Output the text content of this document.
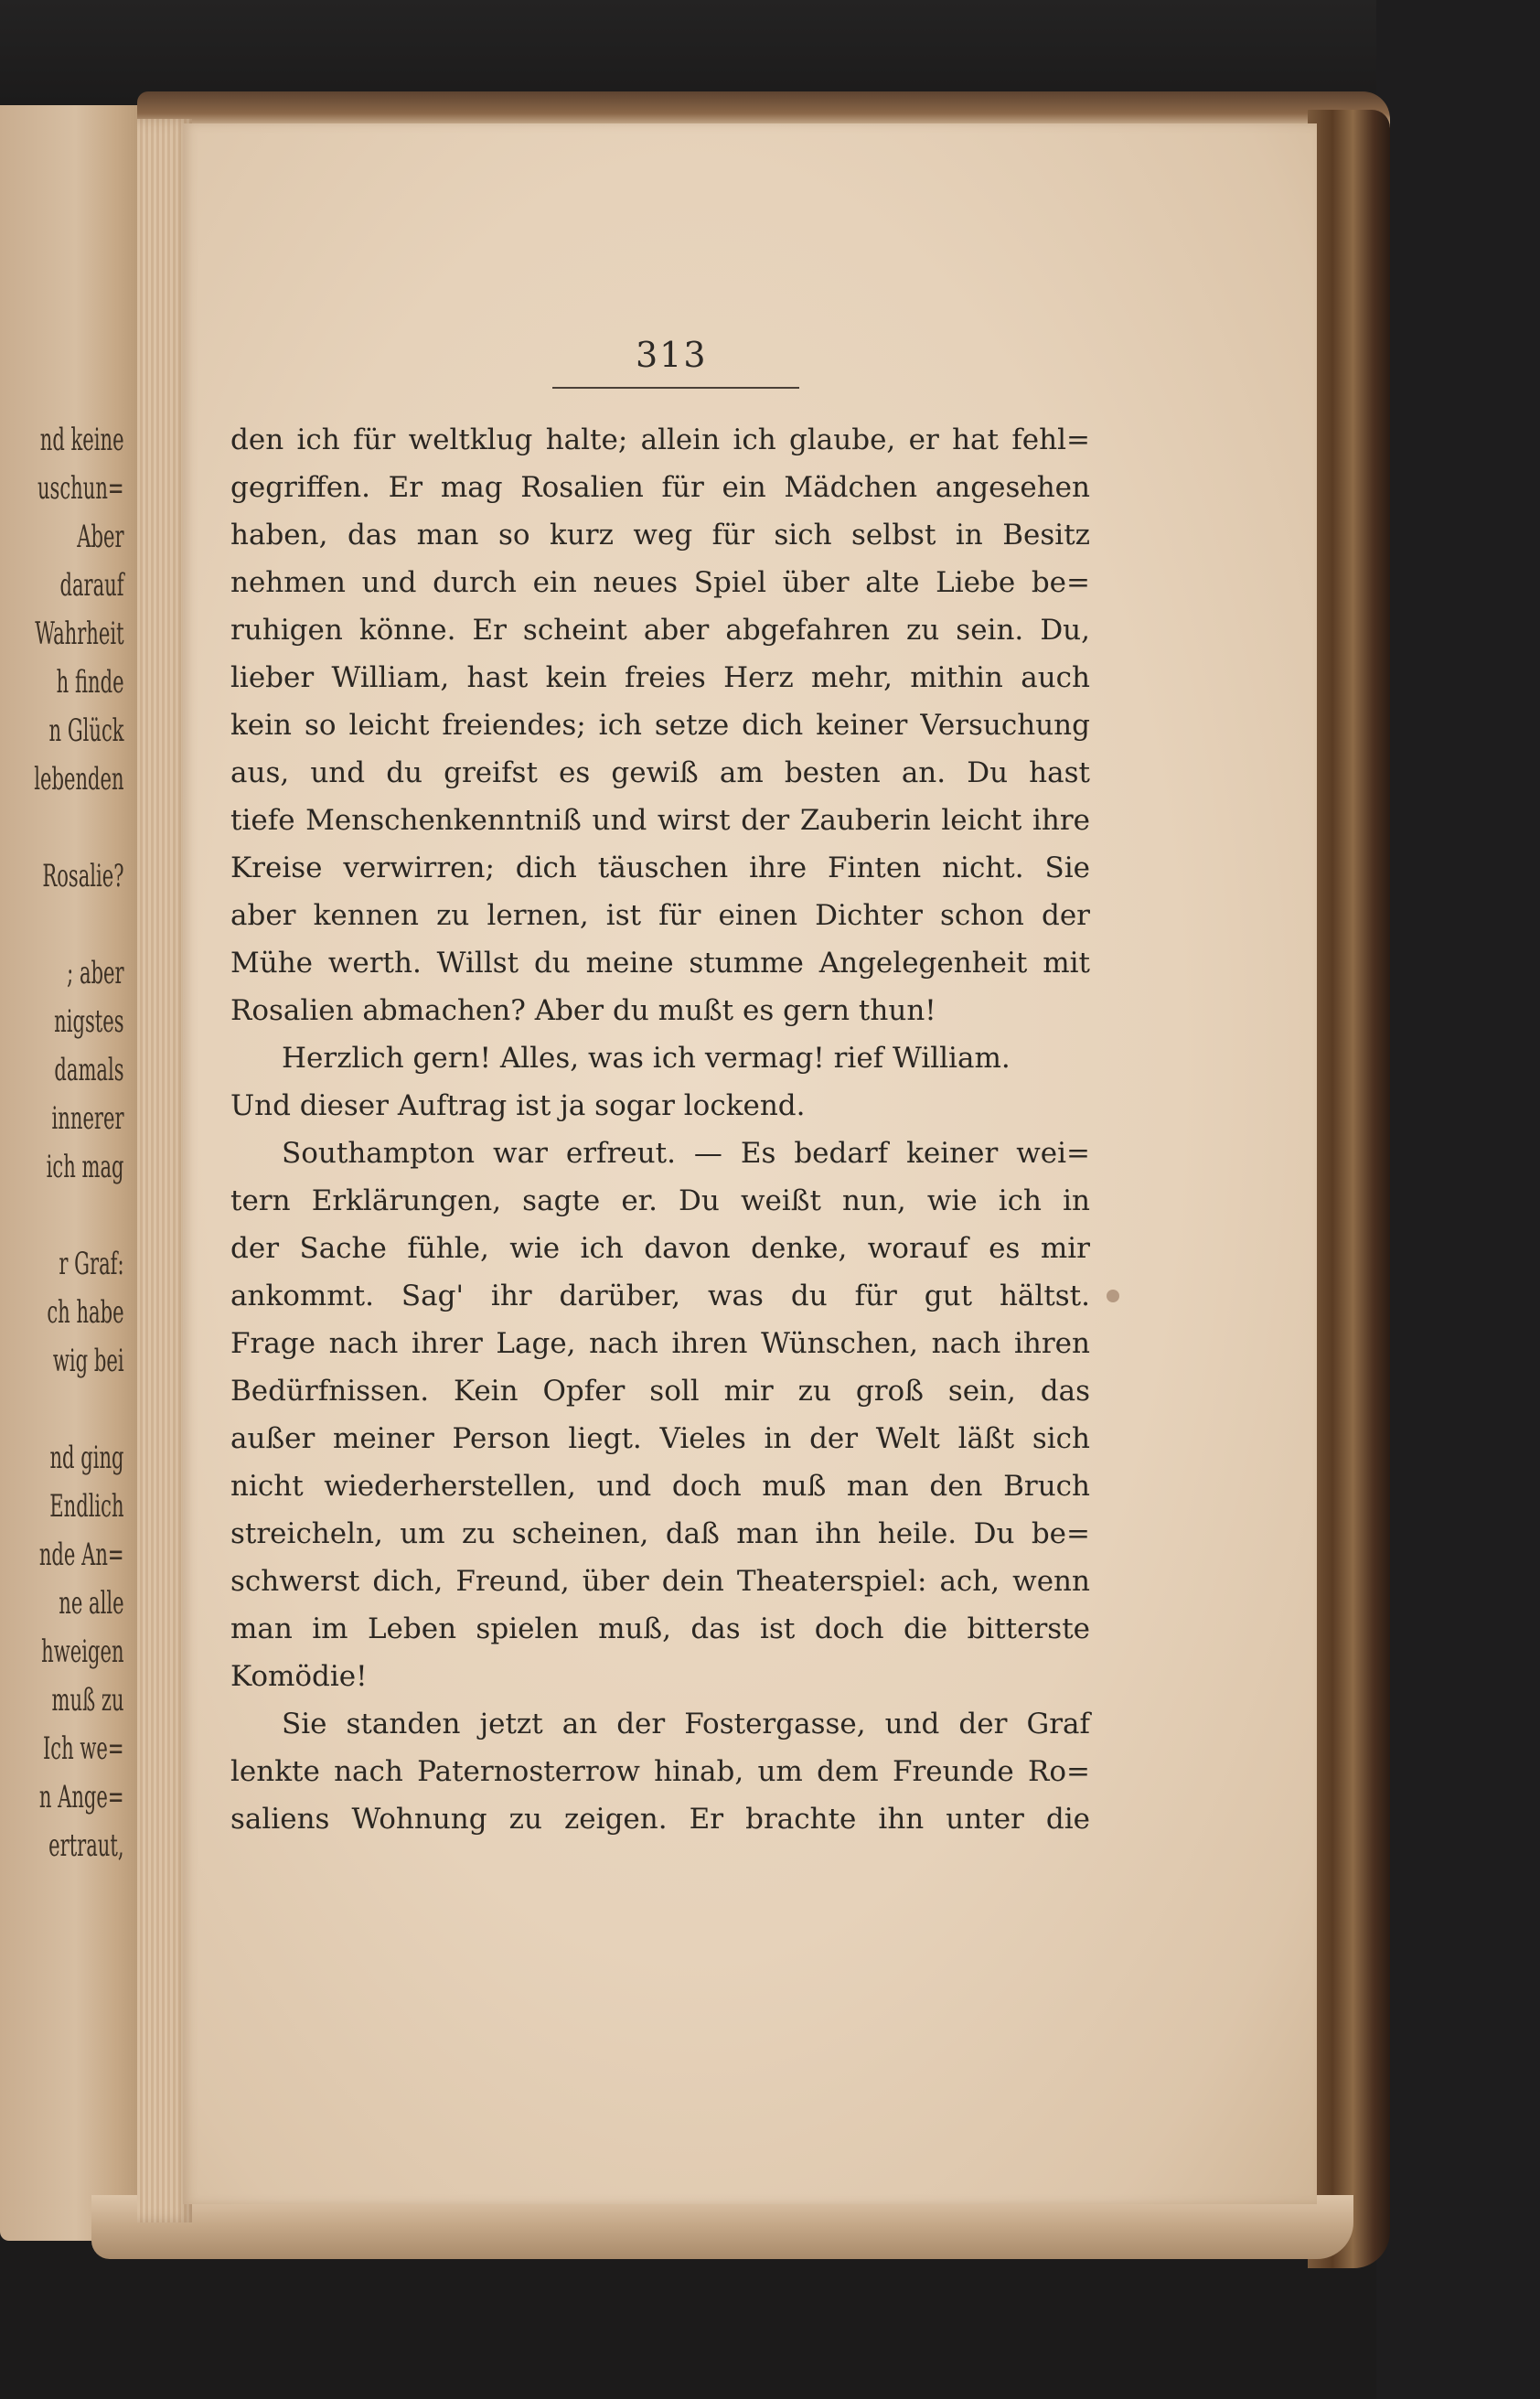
nd keine
uschun=
Aber
darauf
Wahrheit
h finde
n Glück
lebenden
Rosalie?
; aber
nigstes
damals
innerer
ich mag
r Graf:
ch habe
wig bei
nd ging
Endlich
nde An=
ne alle
hweigen
muß zu
Ich we=
n Ange=
ertraut,
313
den ich für weltklug halte; allein ich glaube, er hat fehl=
gegriffen. Er mag Rosalien für ein Mädchen angesehen
haben, das man so kurz weg für sich selbst in Besitz
nehmen und durch ein neues Spiel über alte Liebe be=
ruhigen könne. Er scheint aber abgefahren zu sein. Du,
lieber William, hast kein freies Herz mehr, mithin auch
kein so leicht freiendes; ich setze dich keiner Versuchung
aus, und du greifst es gewiß am besten an. Du hast
tiefe Menschenkenntniß und wirst der Zauberin leicht ihre
Kreise verwirren; dich täuschen ihre Finten nicht. Sie
aber kennen zu lernen, ist für einen Dichter schon der
Mühe werth. Willst du meine stumme Angelegenheit mit
Rosalien abmachen? Aber du mußt es gern thun!
Herzlich gern! Alles, was ich vermag! rief William.
Und dieser Auftrag ist ja sogar lockend.
Southampton war erfreut. — Es bedarf keiner wei=
tern Erklärungen, sagte er. Du weißt nun, wie ich in
der Sache fühle, wie ich davon denke, worauf es mir
ankommt. Sag' ihr darüber, was du für gut hältst.
Frage nach ihrer Lage, nach ihren Wünschen, nach ihren
Bedürfnissen. Kein Opfer soll mir zu groß sein, das
außer meiner Person liegt. Vieles in der Welt läßt sich
nicht wiederherstellen, und doch muß man den Bruch
streicheln, um zu scheinen, daß man ihn heile. Du be=
schwerst dich, Freund, über dein Theaterspiel: ach, wenn
man im Leben spielen muß, das ist doch die bitterste
Komödie!
Sie standen jetzt an der Fostergasse, und der Graf
lenkte nach Paternosterrow hinab, um dem Freunde Ro=
saliens Wohnung zu zeigen. Er brachte ihn unter die
